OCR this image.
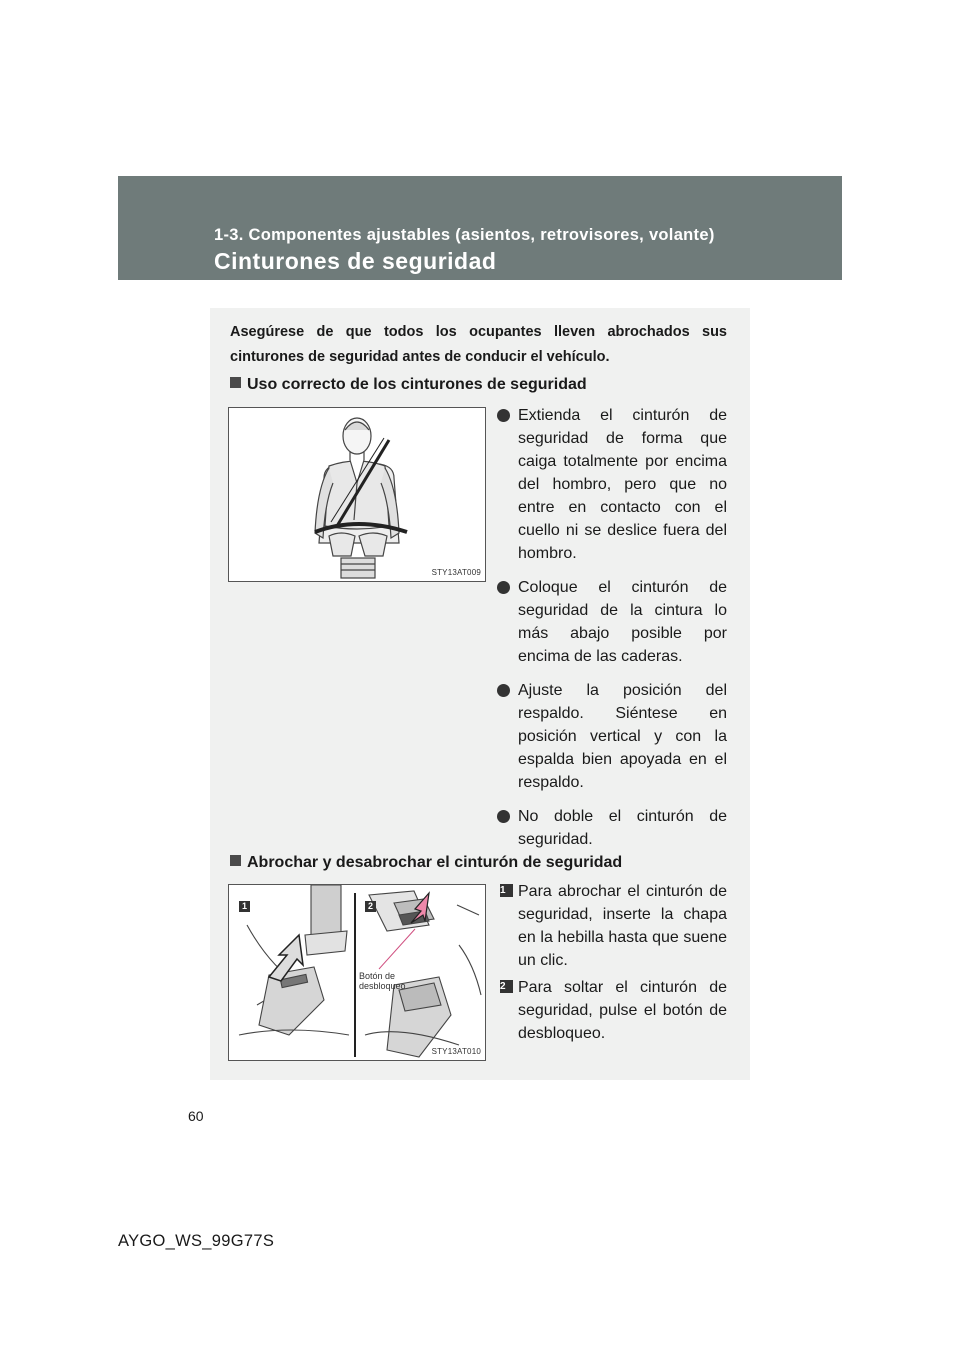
1-3. Componentes ajustables (asientos, retrovisores, volante)
Cinturones de seguridad
Asegúrese de que todos los ocupantes lleven abrochados sus cinturones de seguridad antes de conducir el vehículo.
Uso correcto de los cinturones de seguridad
STY13AT009
Extienda el cinturón de seguridad de forma que caiga totalmente por encima del hombro, pero que no entre en contacto con el cuello ni se deslice fuera del hombro.
Coloque el cinturón de seguridad de la cintura lo más abajo posible por encima de las caderas.
Ajuste la posición del respaldo. Siéntese en posición vertical y con la espalda bien apoyada en el respaldo.
No doble el cinturón de seguridad.
Abrochar y desabrochar el cinturón de seguridad
1	2
Botón de
desbloqueo
STY13AT010
1 Para abrochar el cinturón de seguridad, inserte la chapa en la hebilla hasta que suene un clic.
2 Para soltar el cinturón de seguridad, pulse el botón de desbloqueo.
60
AYGO_WS_99G77S
